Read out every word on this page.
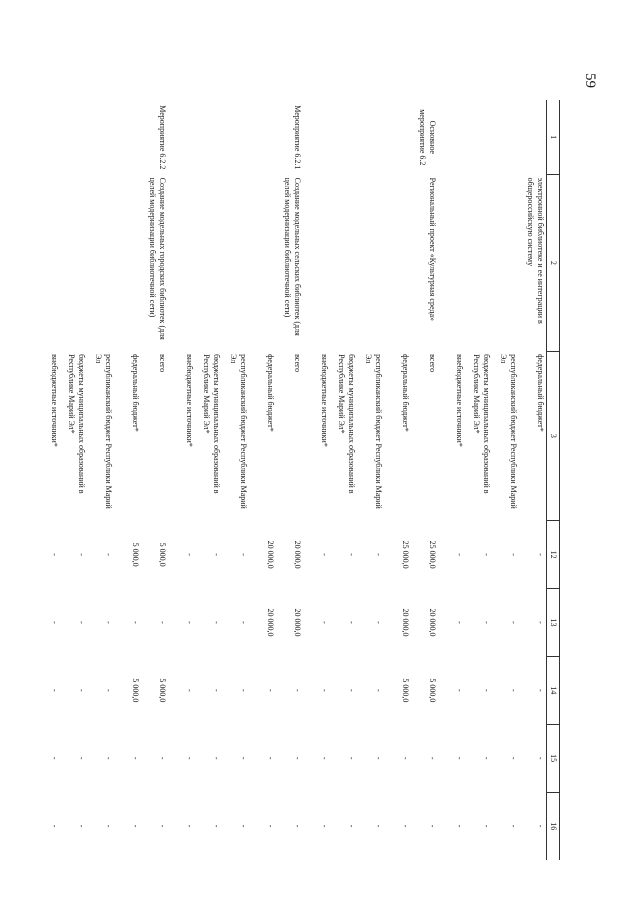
59
1	2	3	12	13	14	15	16
	электронной библиотеке и ее интеграции в общероссийскую систему	федеральный бюджет*	-	-	-	-	-
		республиканский бюджет Республики Марий Эл	-	-	-	-	-
		бюджеты муниципальных образований в Республике Марий Эл*	-	-	-	-	-
		внебюджетные источники*	-	-	-	-	-
Основное мероприятие 6.2	Региональный проект «Культурная среда»	всего	25 000,0	20 000,0	5 000,0	-	-
		федеральный бюджет*	25 000,0	20 000,0	5 000,0	-	-
		республиканский бюджет Республики Марий Эл	-	-	-	-	-
		бюджеты муниципальных образований в Республике Марий Эл*	-	-	-	-	-
		внебюджетные источники*	-	-	-	-	-
Мероприятие 6.2.1	Создание модельных сельских библиотек (для целей модернизации библиотечной сети)	всего	20 000,0	20 000,0	-	-	-
		федеральный бюджет*	20 000,0	20 000,0	-	-	-
		республиканский бюджет Республики Марий Эл	-	-	-	-	-
		бюджеты муниципальных образований в Республике Марий Эл*	-	-	-	-	-
		внебюджетные источники*	-	-	-	-	-
Мероприятие 6.2.2	Создание модельных городских библиотек (для целей модернизации библиотечной сети)	всего	5 000,0	-	5 000,0	-	-
		федеральный бюджет*	5 000,0	-	5 000,0	-	-
		республиканский бюджет Республики Марий Эл	-	-	-	-	-
		бюджеты муниципальных образований в Республике Марий Эл*	-	-	-	-	-
		внебюджетные источники*	-	-	-	-	-
